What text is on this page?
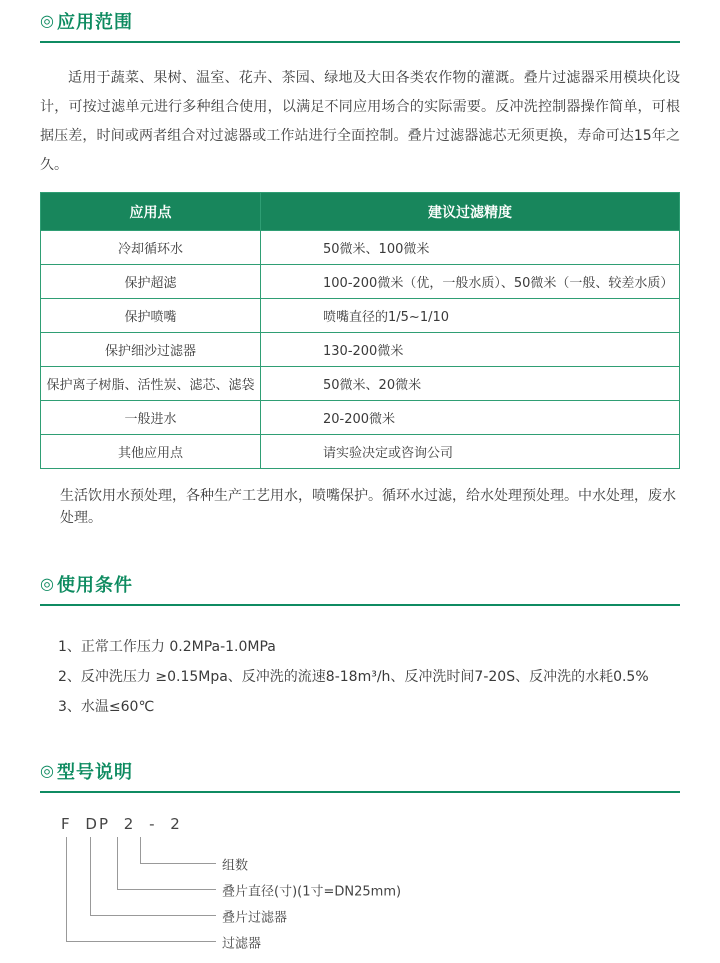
◎ 应用范围

适用于蔬菜、果树、温室、花卉、茶园、绿地及大田各类农作物的灌溉。叠片过滤器采用模块化设计，可按过滤单元进行多种组合使用，以满足不同应用场合的实际需要。反冲洗控制器操作简单，可根据压差，时间或两者组合对过滤器或工作站进行全面控制。叠片过滤器滤芯无须更换，寿命可达15年之久。

应用点	建议过滤精度
冷却循环水	50微米、100微米
保护超滤	100-200微米（优，一般水质）、50微米（一般、较差水质）
保护喷嘴	喷嘴直径的1/5~1/10
保护细沙过滤器	130-200微米
保护离子树脂、活性炭、滤芯、滤袋	50微米、20微米
一般进水	20-200微米
其他应用点	请实验决定或咨询公司

生活饮用水预处理，各种生产工艺用水，喷嘴保护。循环水过滤，给水处理预处理。中水处理，废水处理。

◎ 使用条件
1、正常工作压力 0.2MPa-1.0MPa
2、反冲洗压力 ≥0.15Mpa、反冲洗的流速8-18m³/h、反冲洗时间7-20S、反冲洗的水耗0.5%
3、水温≤60℃
◎ 型号说明
F DP 2 - 2
组数
叠片直径(寸)(1寸=DN25mm)
叠片过滤器
过滤器
